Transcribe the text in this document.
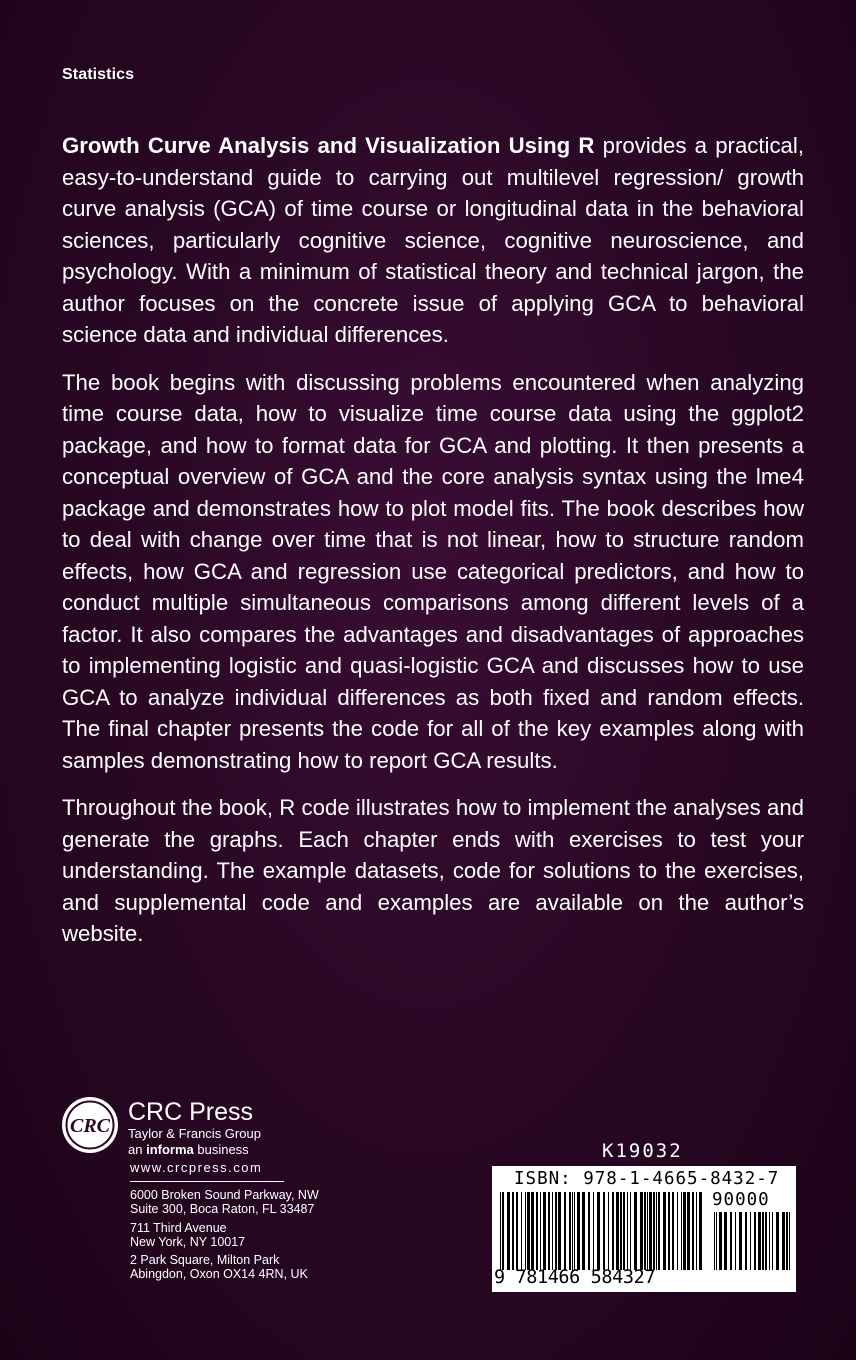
Statistics

Growth Curve Analysis and Visualization Using R provides a practical, easy-to-understand guide to carrying out multilevel regression/ growth curve analysis (GCA) of time course or longitudinal data in the behavioral sciences, particularly cognitive science, cognitive neuroscience, and psychology. With a minimum of statistical theory and technical jargon, the author focuses on the concrete issue of applying GCA to behavioral science data and individual differences.

The book begins with discussing problems encountered when analyzing time course data, how to visualize time course data using the ggplot2 package, and how to format data for GCA and plotting. It then presents a conceptual overview of GCA and the core analysis syntax using the lme4 package and demonstrates how to plot model fits. The book describes how to deal with change over time that is not linear, how to structure random effects, how GCA and regression use categorical predictors, and how to conduct multiple simultaneous comparisons among different levels of a factor. It also compares the advantages and disadvantages of approaches to implementing logistic and quasi-logistic GCA and discusses how to use GCA to analyze individual differences as both fixed and random effects. The final chapter presents the code for all of the key examples along with samples demonstrating how to report GCA results.

Throughout the book, R code illustrates how to implement the analyses and generate the graphs. Each chapter ends with exercises to test your understanding. The example datasets, code for solutions to the exercises, and supplemental code and examples are available on the author’s website.

CRC CRC Press
Taylor & Francis Group
an informa business
www.crcpress.com
6000 Broken Sound Parkway, NW
Suite 300, Boca Raton, FL 33487
711 Third Avenue
New York, NY 10017
2 Park Square, Milton Park
Abingdon, Oxon OX14 4RN, UK
K19032
ISBN: 978-1-4665-8432-7
90000
9 781466 584327
